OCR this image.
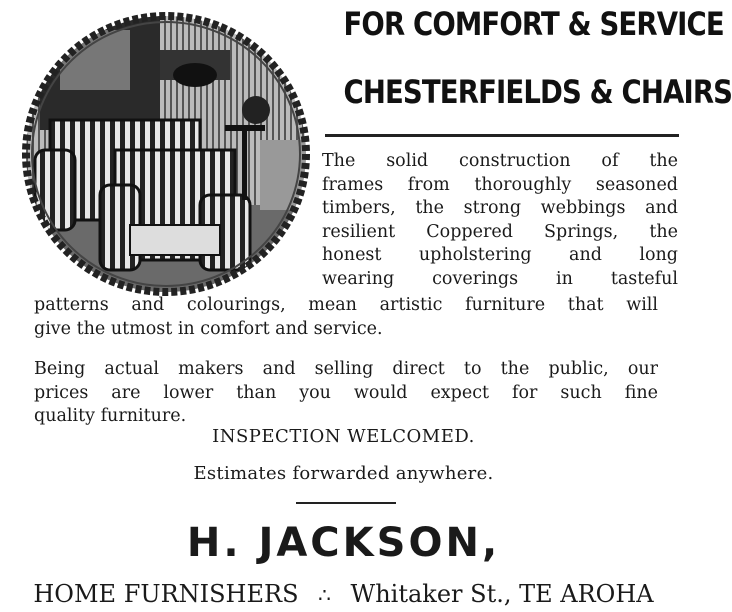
FOR COMFORT & SERVICE
CHESTERFIELDS & CHAIRS
The solid construction of the
frames from thoroughly seasoned
timbers, the strong webbings and
resilient Coppered Springs, the
honest upholstering and long
wearing coverings in tasteful
patterns and colourings, mean artistic furniture that will
give the utmost in comfort and service.
Being actual makers and selling direct to the public, our
prices are lower than you would expect for such fine
quality furniture.
INSPECTION WELCOMED.
Estimates forwarded anywhere.
H. JACKSON,
HOME FURNISHERS ∴ Whitaker St., TE AROHA
